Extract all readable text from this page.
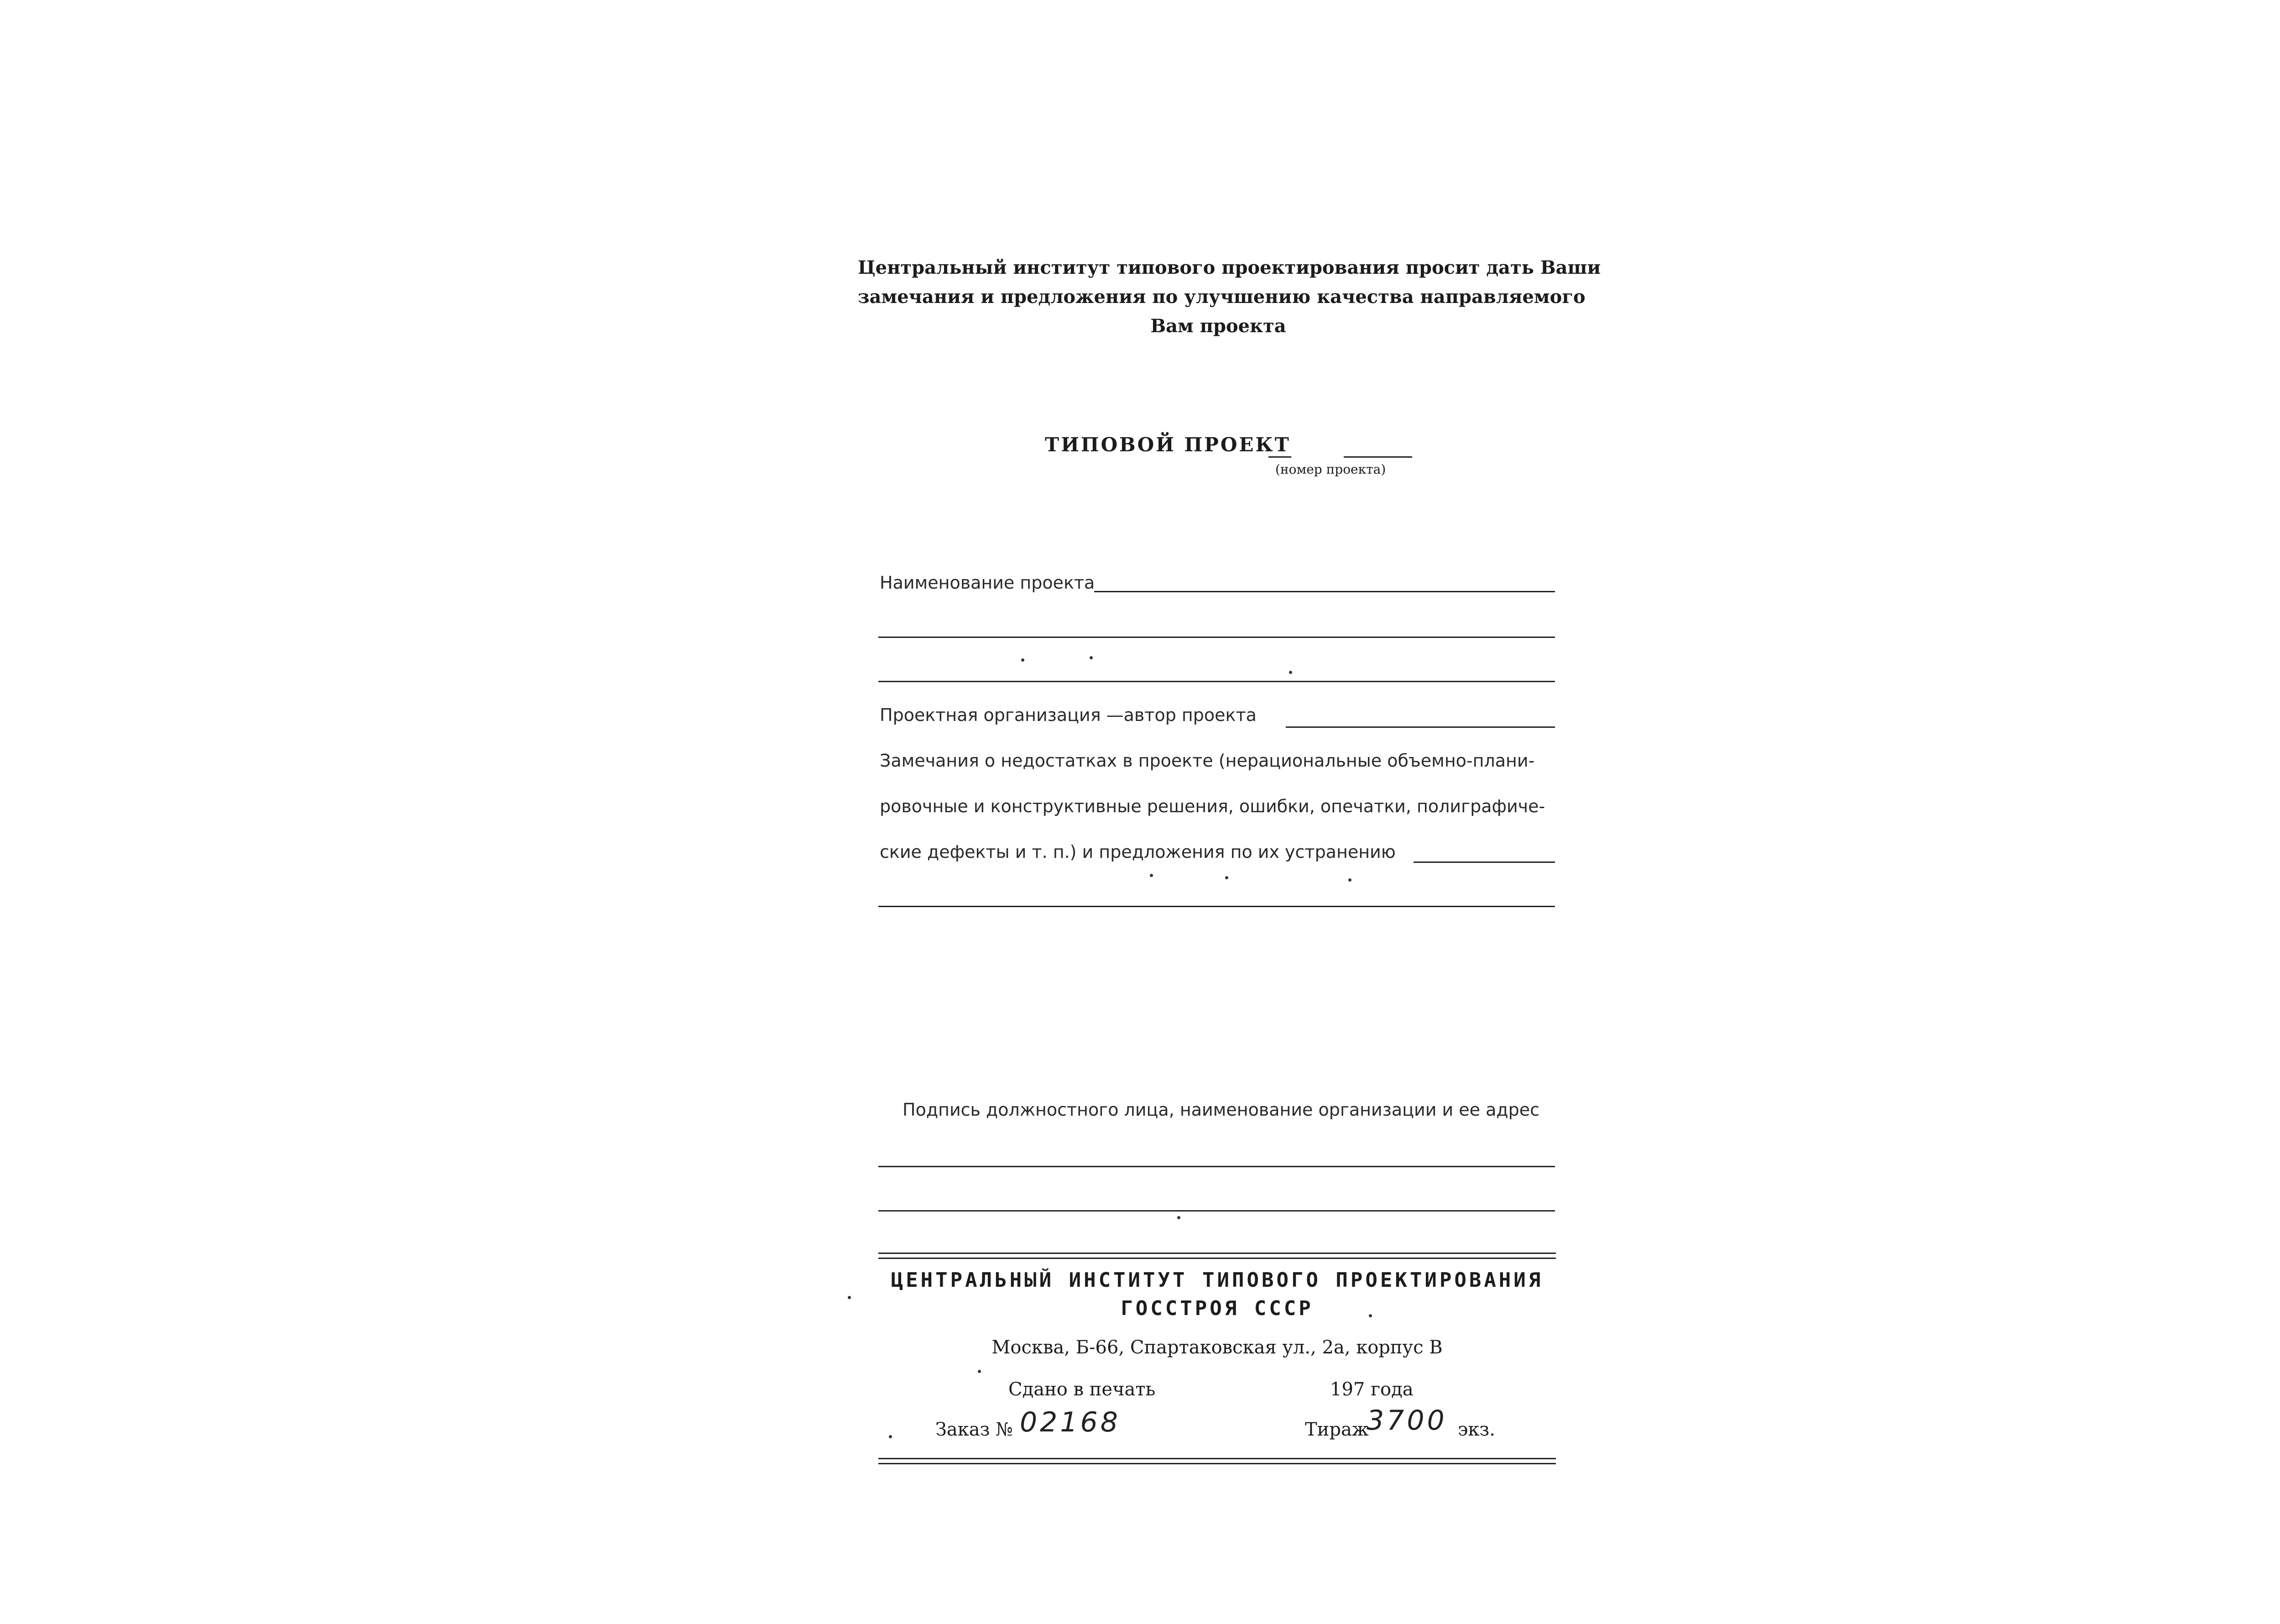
Центральный институт типового проектирования просит дать Ваши
замечания и предложения по улучшению качества направляемого
Вам проекта
ТИПОВОЙ ПРОЕКТ
(номер проекта)
Наименование проекта
Проектная организация —автор проекта
Замечания о недостатках в проекте (нерациональные объемно-плани-
ровочные и конструктивные решения, ошибки, опечатки, полиграфиче-
ские дефекты и т. п.) и предложения по их устранению
Подпись должностного лица, наименование организации и ее адрес
ЦЕНТРАЛЬНЫЙ ИНСТИТУТ ТИПОВОГО ПРОЕКТИРОВАНИЯ
ГОССТРОЯ СССР
Москва, Б-66, Спартаковская ул., 2а, корпус В
Сдано в печать	197 года
Заказ № 02168	Тираж
3700 экз.
